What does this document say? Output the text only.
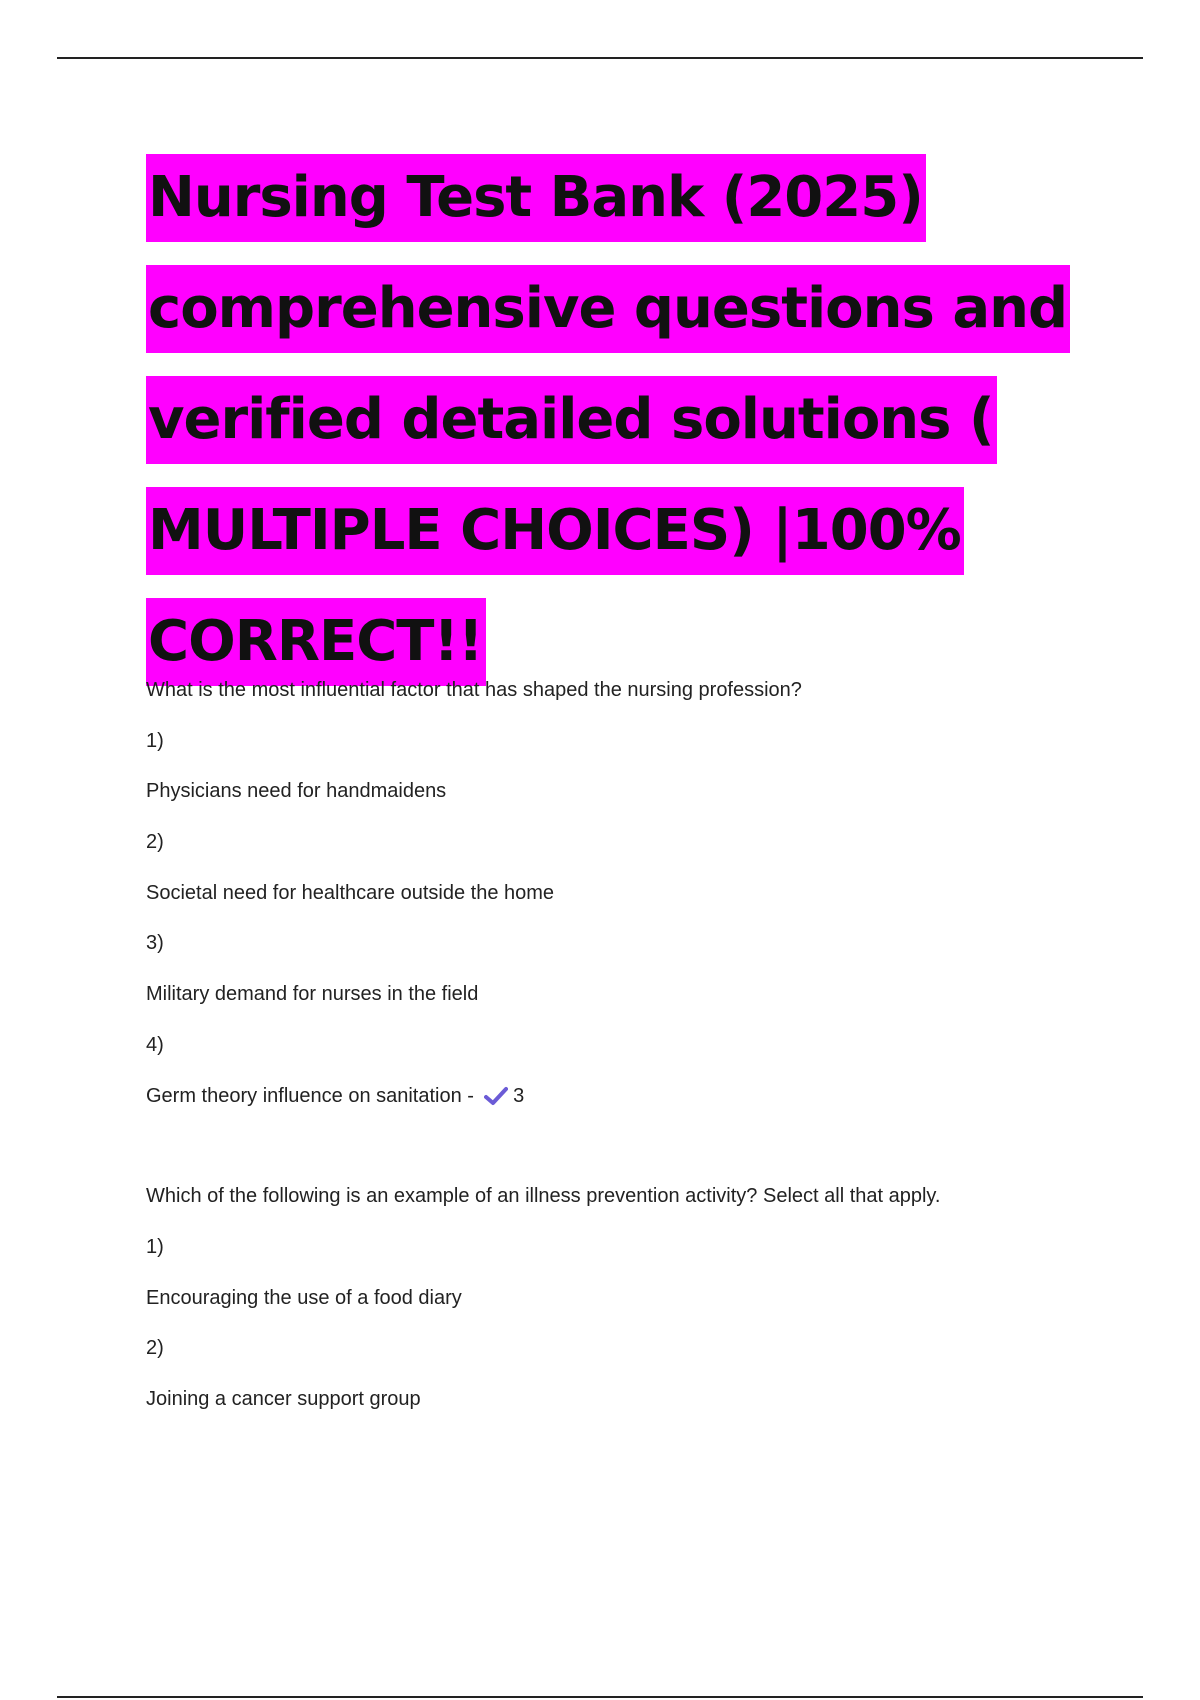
Nursing Test Bank (2025)
comprehensive questions and
verified detailed solutions (
MULTIPLE CHOICES) |100%
CORRECT!!
What is the most influential factor that has shaped the nursing profession?
1)
Physicians need for handmaidens
2)
Societal need for healthcare outside the home
3)
Military demand for nurses in the field
4)
Germ theory influence on sanitation - 3
Which of the following is an example of an illness prevention activity? Select all that apply.
1)
Encouraging the use of a food diary
2)
Joining a cancer support group
